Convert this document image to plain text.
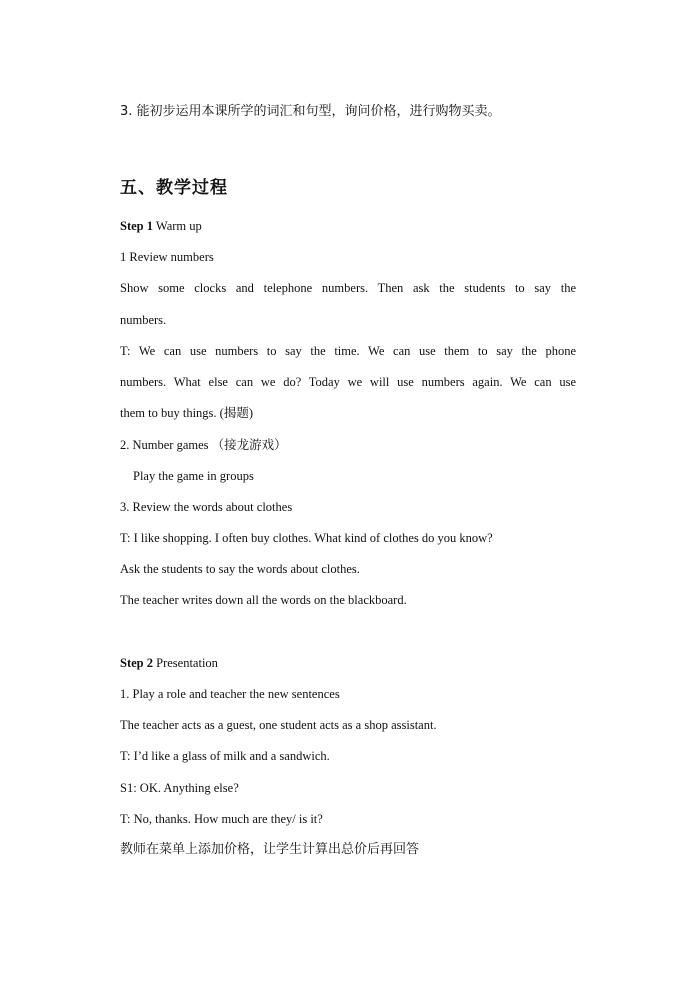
3. 能初步运用本课所学的词汇和句型，询问价格，进行购物买卖。
五、教学过程
Step 1 Warm up
1 Review numbers
Show some clocks and telephone numbers. Then ask the students to say the
numbers.
T: We can use numbers to say the time. We can use them to say the phone
numbers. What else can we do? Today we will use numbers again. We can use
them to buy things. (揭题)
2. Number games （接龙游戏）
Play the game in groups
3. Review the words about clothes
T: I like shopping. I often buy clothes. What kind of clothes do you know?
Ask the students to say the words about clothes.
The teacher writes down all the words on the blackboard.
Step 2 Presentation
1. Play a role and teacher the new sentences
The teacher acts as a guest, one student acts as a shop assistant.
T: I’d like a glass of milk and a sandwich.
S1: OK. Anything else?
T: No, thanks. How much are they/ is it?
教师在菜单上添加价格，让学生计算出总价后再回答
